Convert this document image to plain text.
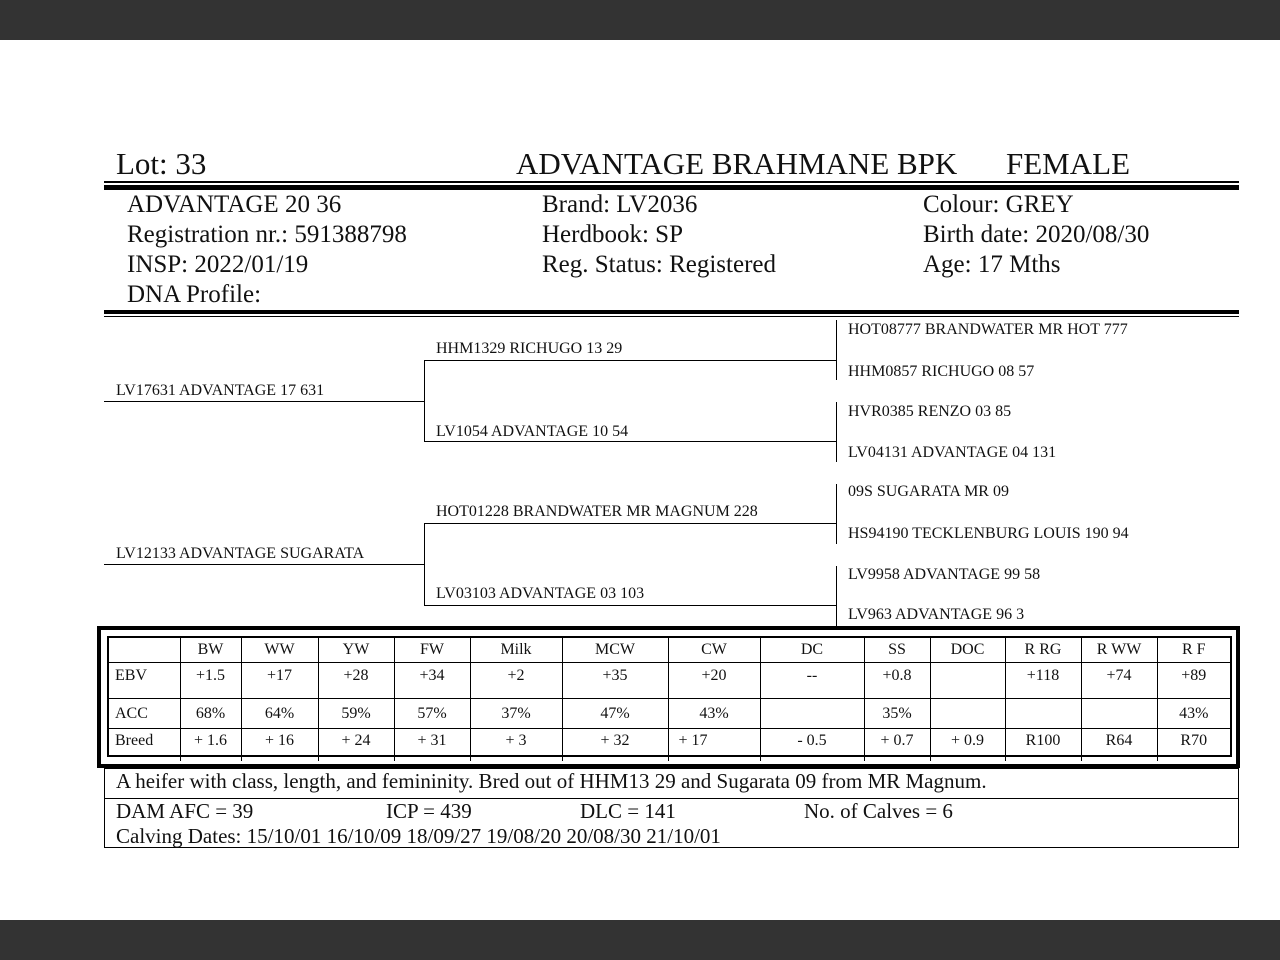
Lot: 33	ADVANTAGE BRAHMANE BPK FEMALE
ADVANTAGE 20 36
Registration nr.: 591388798
INSP: 2022/01/19
DNA Profile:
Brand: LV2036
Herdbook: SP
Reg. Status: Registered
Colour: GREY
Birth date: 2020/08/30
Age: 17 Mths
LV17631 ADVANTAGE 17 631
LV12133 ADVANTAGE SUGARATA
HHM1329 RICHUGO 13 29
LV1054 ADVANTAGE 10 54
HOT01228 BRANDWATER MR MAGNUM 228
LV03103 ADVANTAGE 03 103
HOT08777 BRANDWATER MR HOT 777
HHM0857 RICHUGO 08 57
HVR0385 RENZO 03 85
LV04131 ADVANTAGE 04 131
09S SUGARATA MR 09
HS94190 TECKLENBURG LOUIS 190 94
LV9958 ADVANTAGE 99 58
LV963 ADVANTAGE 96 3
	BW	WW	YW	FW	Milk	MCW	CW	DC	SS	DOC	R RG	R WW	R F
EBV	+1.5	+17	+28	+34	+2	+35	+20	--	+0.8		+118	+74	+89
ACC	68%	64%	59%	57%	37%	47%	43%		35%				43%
Breed	+ 1.6	+ 16	+ 24	+ 31	+ 3	+ 32	+ 17	- 0.5	+ 0.7	+ 0.9	R100	R64	R70
A heifer with class, length, and femininity. Bred out of HHM13 29 and Sugarata 09 from MR Magnum.
DAM AFC = 39	ICP = 439	DLC = 141	No. of Calves = 6
Calving Dates: 15/10/01 16/10/09 18/09/27 19/08/20 20/08/30 21/10/01
